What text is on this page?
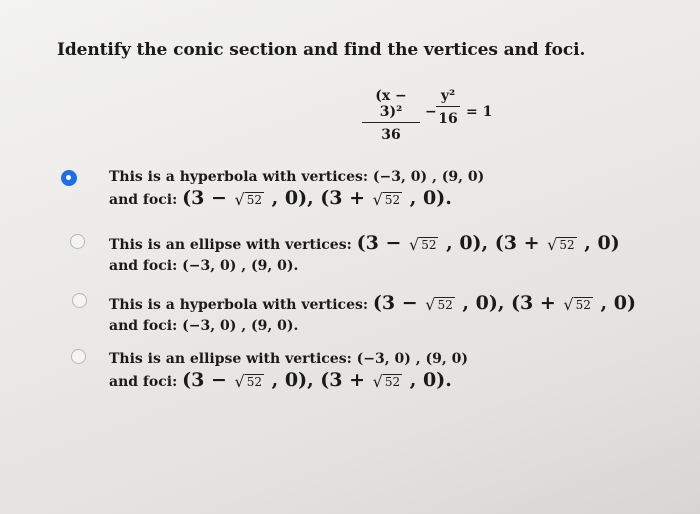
Identify the conic section and find the vertices and foci.
(x − 3)²
36
−
y²
16 = 1
This is a hyperbola with vertices: (−3, 0) , (9, 0)
and foci: (3 − √ 52 , 0), (3 + √ 52 , 0).
This is an ellipse with vertices: (3 − √ 52 , 0), (3 + √ 52 , 0)
and foci: (−3, 0) , (9, 0).
This is a hyperbola with vertices: (3 − √ 52 , 0), (3 + √ 52 , 0)
and foci: (−3, 0) , (9, 0).
This is an ellipse with vertices: (−3, 0) , (9, 0)
and foci: (3 − √ 52 , 0), (3 + √ 52 , 0).
